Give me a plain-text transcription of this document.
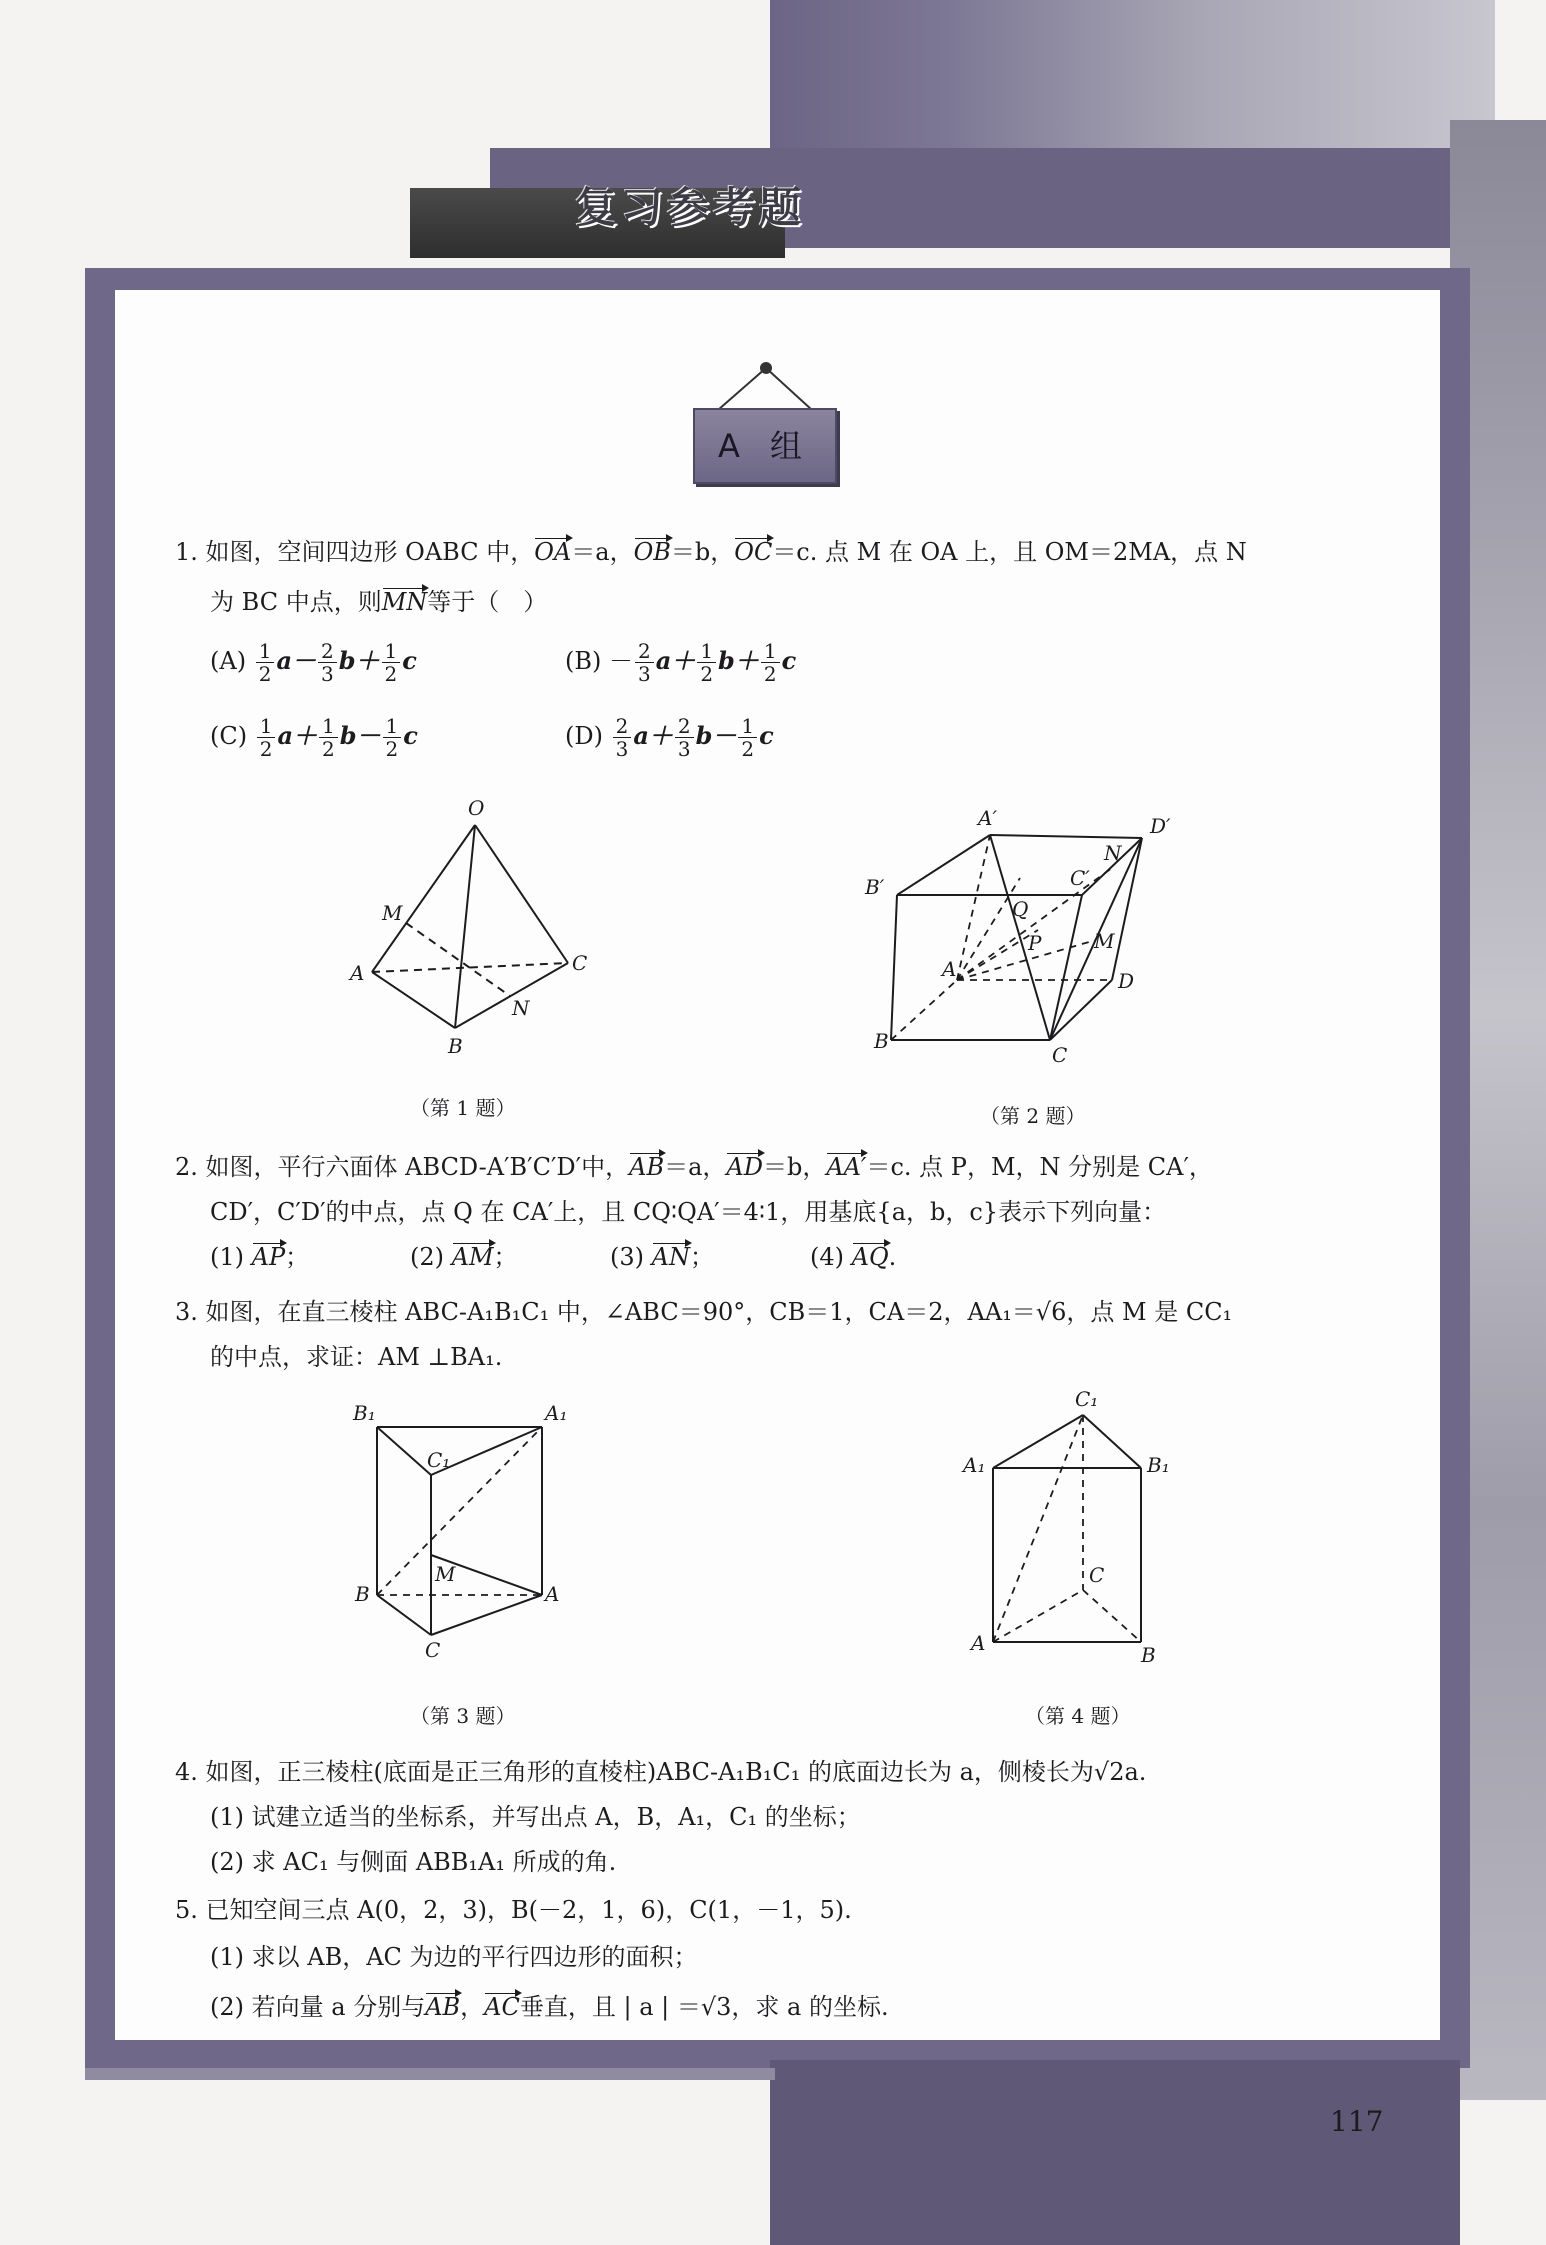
复习参考题
A 组
1. 如图，空间四边形 OABC 中，OA＝a，OB＝b，OC＝c. 点 M 在 OA 上，且 OM＝2MA，点 N
为 BC 中点，则MN等于（　）
$(A) \frac{1}{2} a- \frac{2}{3} b+ \frac{1}{2}$ c	$(B) - \frac{2}{3} a+ \frac{1}{2} b+ \frac{1}{2}$ c
$(C) \frac{1}{2} a+ \frac{1}{2} b- \frac{1}{2}$ c	$(D) \frac{2}{3} a+ \frac{2}{3} b- \frac{1}{2}$ c
O
M
A
B
C
N
（第 1 题）
A′	D′
B′	C′
N
Q
P	M
A	D
B
C
（第 2 题）
2. 如图，平行六面体 ABCD-A′B′C′D′中，AB＝a，AD＝b，AA′＝c. 点 P，M，N 分别是 CA′，
CD′，C′D′的中点，点 Q 在 CA′上，且 CQ∶QA′＝4∶1，用基底{a，b，c}表示下列向量：
(1) AP；	(2) AM；	(3) AN；	(4) AQ.
3. 如图，在直三棱柱 ABC-A₁B₁C₁ 中，∠ABC＝90°，CB＝1，CA＝2，AA₁＝√6，点 M 是 CC₁
的中点，求证：AM ⊥BA₁.
B₁	A₁
C₁
M
B	A
C
（第 3 题）
C₁
A₁	B₁
C
A	B
（第 4 题）
4. 如图，正三棱柱(底面是正三角形的直棱柱)ABC-A₁B₁C₁ 的底面边长为 a，侧棱长为√2a.
(1) 试建立适当的坐标系，并写出点 A，B，A₁，C₁ 的坐标；
(2) 求 AC₁ 与侧面 ABB₁A₁ 所成的角.
5. 已知空间三点 A(0，2，3)，B(－2，1，6)，C(1，－1，5).
(1) 求以 AB，AC 为边的平行四边形的面积；
(2) 若向量 a 分别与AB，AC垂直，且 | a | ＝√3，求 a 的坐标.
117
